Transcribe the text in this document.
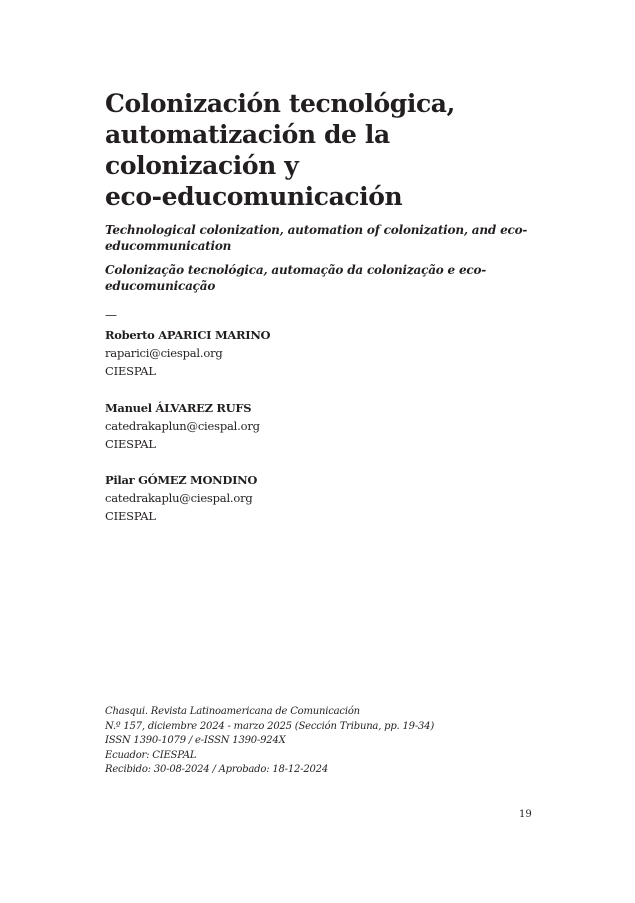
Colonización tecnológica,
automatización de la
colonización y
eco-educomunicación

Technological colonization, automation of colonization, and eco-
educommunication

Colonização tecnológica, automação da colonização e eco-
educomunicação

—
Roberto APARICI MARINO
raparici@ciespal.org
CIESPAL
Manuel ÁLVAREZ RUFS
catedrakaplun@ciespal.org
CIESPAL
Pilar GÓMEZ MONDINO
catedrakaplu@ciespal.org
CIESPAL
Chasqui. Revista Latinoamericana de Comunicación
N.º 157, diciembre 2024 - marzo 2025 (Sección Tribuna, pp. 19-34)
ISSN 1390-1079 / e-ISSN 1390-924X
Ecuador: CIESPAL
Recibido: 30-08-2024 / Aprobado: 18-12-2024
19
